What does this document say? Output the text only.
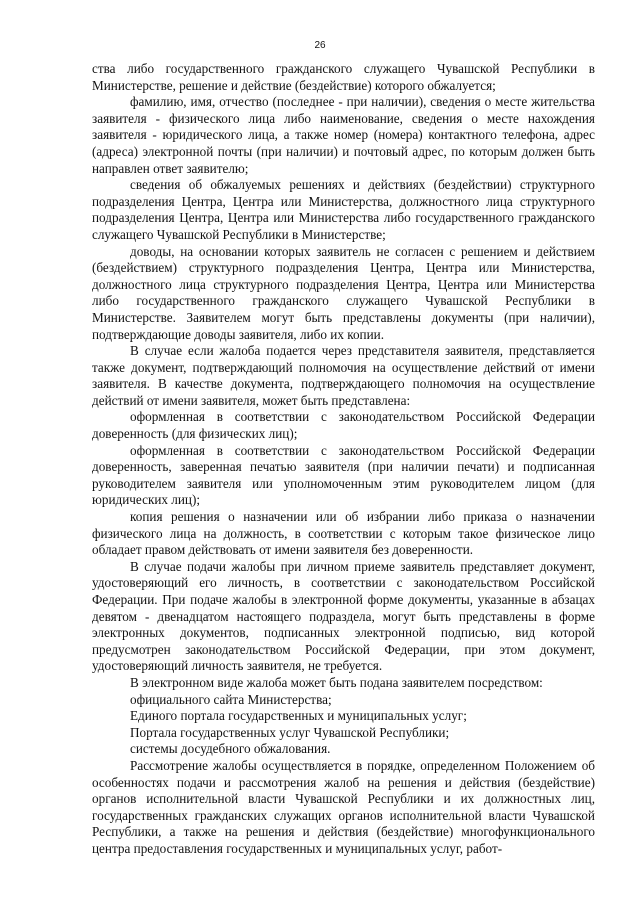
26

ства либо государственного гражданского служащего Чувашской Республики в Министерстве, решение и действие (бездействие) которого обжалуется;

фамилию, имя, отчество (последнее - при наличии), сведения о месте жительства заявителя - физического лица либо наименование, сведения о месте нахождения заявителя - юридического лица, а также номер (номера) контактного телефона, адрес (адреса) электронной почты (при наличии) и почтовый адрес, по которым должен быть направлен ответ заявителю;

сведения об обжалуемых решениях и действиях (бездействии) структурного подразделения Центра, Центра или Министерства, должностного лица структурного подразделения Центра, Центра или Министерства либо государственного гражданского служащего Чувашской Республики в Министерстве;

доводы, на основании которых заявитель не согласен с решением и действием (бездействием) структурного подразделения Центра, Центра или Министерства, должностного лица структурного подразделения Центра, Центра или Министерства либо государственного гражданского служащего Чувашской Республики в Министерстве. Заявителем могут быть представлены документы (при наличии), подтверждающие доводы заявителя, либо их копии.

В случае если жалоба подается через представителя заявителя, представляется также документ, подтверждающий полномочия на осуществление действий от имени заявителя. В качестве документа, подтверждающего полномочия на осуществление действий от имени заявителя, может быть представлена:

оформленная в соответствии с законодательством Российской Федерации доверенность (для физических лиц);

оформленная в соответствии с законодательством Российской Федерации доверенность, заверенная печатью заявителя (при наличии печати) и подписанная руководителем заявителя или уполномоченным этим руководителем лицом (для юридических лиц);

копия решения о назначении или об избрании либо приказа о назначении физического лица на должность, в соответствии с которым такое физическое лицо обладает правом действовать от имени заявителя без доверенности.

В случае подачи жалобы при личном приеме заявитель представляет документ, удостоверяющий его личность, в соответствии с законодательством Российской Федерации. При подаче жалобы в электронной форме документы, указанные в абзацах девятом - двенадцатом настоящего подраздела, могут быть представлены в форме электронных документов, подписанных электронной подписью, вид которой предусмотрен законодательством Российской Федерации, при этом документ, удостоверяющий личность заявителя, не требуется.

В электронном виде жалоба может быть подана заявителем посредством:

официального сайта Министерства;

Единого портала государственных и муниципальных услуг;

Портала государственных услуг Чувашской Республики;

системы досудебного обжалования.

Рассмотрение жалобы осуществляется в порядке, определенном Положением об особенностях подачи и рассмотрения жалоб на решения и действия (бездействие) органов исполнительной власти Чувашской Республики и их должностных лиц, государственных гражданских служащих органов исполнительной власти Чувашской Республики, а также на решения и действия (бездействие) многофункционального центра предоставления государственных и муниципальных услуг, работ-
